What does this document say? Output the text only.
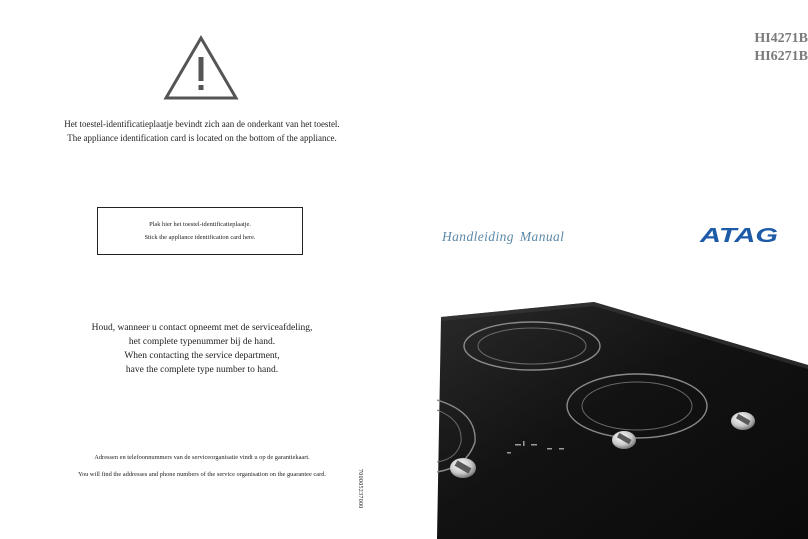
Het toestel-identificatieplaatje bevindt zich aan de onderkant van het toestel.
The appliance identification card is located on the bottom of the appliance.
Plak hier het toestel-identificatieplaatje.
Stick the appliance identification card here.
Houd, wanneer u contact opneemt met de serviceafdeling,
het complete typenummer bij de hand.
When contacting the service department,
have the complete type number to hand.
Adressen en telefoonnummers van de serviceorganisatie vindt u op de garantiekaart.
You will find the addresses and phone numbers of the service organisation on the guarantee card.	700005237000
HI4271B
HI6271B
Handleiding Manual	ATAG
